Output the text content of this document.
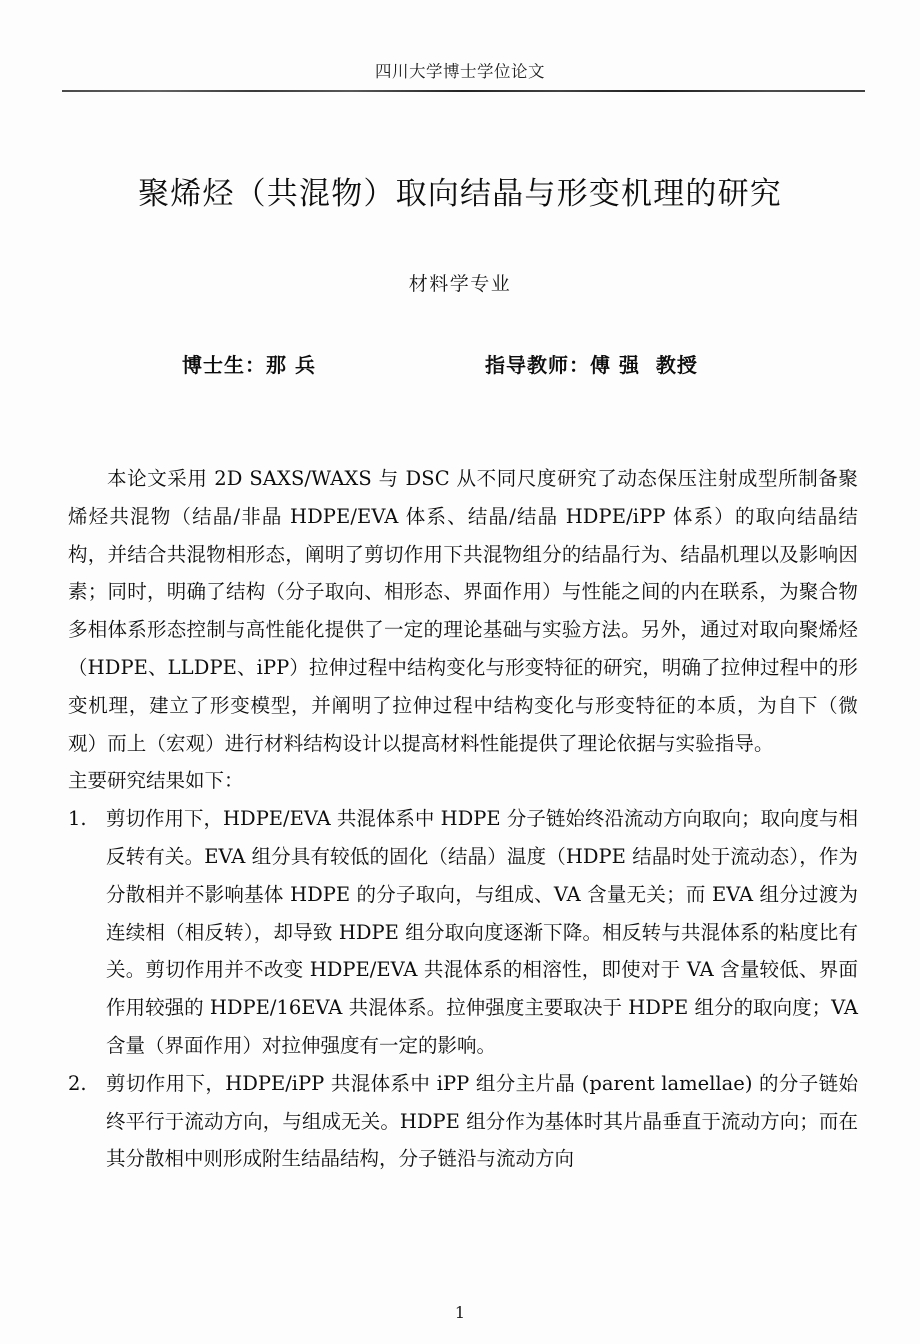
四川大学博士学位论文
聚烯烃（共混物）取向结晶与形变机理的研究
材料学专业
博士生：那 兵	指导教师：傅 强  教授

本论文采用 2D SAXS/WAXS 与 DSC 从不同尺度研究了动态保压注射成型所制备聚烯烃共混物（结晶/非晶 HDPE/EVA 体系、结晶/结晶 HDPE/iPP 体系）的取向结晶结构，并结合共混物相形态，阐明了剪切作用下共混物组分的结晶行为、结晶机理以及影响因素；同时，明确了结构（分子取向、相形态、界面作用）与性能之间的内在联系，为聚合物多相体系形态控制与高性能化提供了一定的理论基础与实验方法。另外，通过对取向聚烯烃（HDPE、LLDPE、iPP）拉伸过程中结构变化与形变特征的研究，明确了拉伸过程中的形变机理，建立了形变模型，并阐明了拉伸过程中结构变化与形变特征的本质，为自下（微观）而上（宏观）进行材料结构设计以提高材料性能提供了理论依据与实验指导。

主要研究结果如下：

1. 剪切作用下，HDPE/EVA 共混体系中 HDPE 分子链始终沿流动方向取向；取向度与相反转有关。EVA 组分具有较低的固化（结晶）温度（HDPE 结晶时处于流动态），作为分散相并不影响基体 HDPE 的分子取向，与组成、VA 含量无关；而 EVA 组分过渡为连续相（相反转），却导致 HDPE 组分取向度逐渐下降。相反转与共混体系的粘度比有关。剪切作用并不改变 HDPE/EVA 共混体系的相溶性，即使对于 VA 含量较低、界面作用较强的 HDPE/16EVA 共混体系。拉伸强度主要取决于 HDPE 组分的取向度；VA 含量（界面作用）对拉伸强度有一定的影响。
2. 剪切作用下，HDPE/iPP 共混体系中 iPP 组分主片晶 (parent lamellae) 的分子链始终平行于流动方向，与组成无关。HDPE 组分作为基体时其片晶垂直于流动方向；而在其分散相中则形成附生结晶结构，分子链沿与流动方向
1
